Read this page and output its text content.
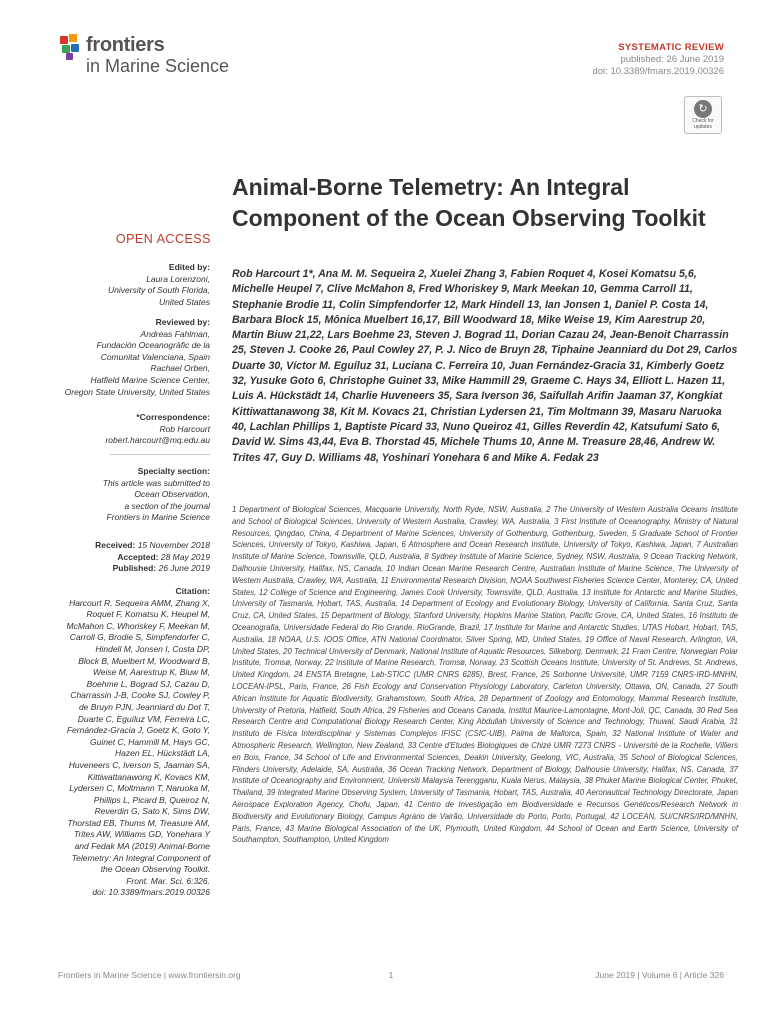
frontiers
in Marine Science
SYSTEMATIC REVIEW
published: 26 June 2019
doi: 10.3389/fmars.2019.00326
↻
Check for updates
Animal-Borne Telemetry: An Integral Component of the Ocean Observing Toolkit
OPEN ACCESS
Edited by:
Laura Lorenzoni,
University of South Florida,
United States
Reviewed by:
Andreas Fahlman,
Fundación Oceanogràfic de la
Comunitat Valenciana, Spain
Rachael Orben,
Hatfield Marine Science Center,
Oregon State University, United States
*Correspondence:
Rob Harcourt
robert.harcourt@mq.edu.au
Specialty section:
This article was submitted to
Ocean Observation,
a section of the journal
Frontiers in Marine Science
Received: 15 November 2018
Accepted: 28 May 2019
Published: 26 June 2019
Citation:
Harcourt R, Sequeira AMM, Zhang X,
Roquet F, Komatsu K, Heupel M,
McMahon C, Whoriskey F, Meekan M,
Carroll G, Brodie S, Simpfendorfer C,
Hindell M, Jonsen I, Costa DP,
Block B, Muelbert M, Woodward B,
Weise M, Aarestrup K, Biuw M,
Boehme L, Bograd SJ, Cazau D,
Charrassin J-B, Cooke SJ, Cowley P,
de Bruyn PJN, Jeanniard du Dot T,
Duarte C, Eguíluz VM, Ferreira LC,
Fernández-Gracia J, Goetz K, Goto Y,
Guinet C, Hammill M, Hays GC,
Hazen EL, Hückstädt LA,
Huveneers C, Iverson S, Jaaman SA,
Kittiwattanawong K, Kovacs KM,
Lydersen C, Moltmann T, Naruoka M,
Phillips L, Picard B, Queiroz N,
Reverdin G, Sato K, Sims DW,
Thorstad EB, Thums M, Treasure AM,
Trites AW, Williams GD, Yonehara Y
and Fedak MA (2019) Animal-Borne
Telemetry: An Integral Component of
the Ocean Observing Toolkit.
Front. Mar. Sci. 6:326.
doi: 10.3389/fmars.2019.00326
Rob Harcourt 1*, Ana M. M. Sequeira 2, Xuelei Zhang 3, Fabien Roquet 4, Kosei Komatsu 5,6, Michelle Heupel 7, Clive McMahon 8, Fred Whoriskey 9, Mark Meekan 10, Gemma Carroll 11, Stephanie Brodie 11, Colin Simpfendorfer 12, Mark Hindell 13, Ian Jonsen 1, Daniel P. Costa 14, Barbara Block 15, Mônica Muelbert 16,17, Bill Woodward 18, Mike Weise 19, Kim Aarestrup 20, Martin Biuw 21,22, Lars Boehme 23, Steven J. Bograd 11, Dorian Cazau 24, Jean-Benoit Charrassin 25, Steven J. Cooke 26, Paul Cowley 27, P. J. Nico de Bruyn 28, Tiphaine Jeanniard du Dot 29, Carlos Duarte 30, Víctor M. Eguíluz 31, Luciana C. Ferreira 10, Juan Fernández-Gracia 31, Kimberly Goetz 32, Yusuke Goto 6, Christophe Guinet 33, Mike Hammill 29, Graeme C. Hays 34, Elliott L. Hazen 11, Luis A. Hückstädt 14, Charlie Huveneers 35, Sara Iverson 36, Saifullah Arifin Jaaman 37, Kongkiat Kittiwattanawong 38, Kit M. Kovacs 21, Christian Lydersen 21, Tim Moltmann 39, Masaru Naruoka 40, Lachlan Phillips 1, Baptiste Picard 33, Nuno Queiroz 41, Gilles Reverdin 42, Katsufumi Sato 6, David W. Sims 43,44, Eva B. Thorstad 45, Michele Thums 10, Anne M. Treasure 28,46, Andrew W. Trites 47, Guy D. Williams 48, Yoshinari Yonehara 6 and Mike A. Fedak 23
1 Department of Biological Sciences, Macquarie University, North Ryde, NSW, Australia, 2 The University of Western Australia Oceans Institute and School of Biological Sciences, University of Western Australia, Crawley, WA, Australia, 3 First Institute of Oceanography, Ministry of Natural Resources, Qingdao, China, 4 Department of Marine Sciences, University of Gothenburg, Gothenburg, Sweden, 5 Graduate School of Frontier Sciences, University of Tokyo, Kashiwa, Japan, 6 Atmosphere and Ocean Research Institute, University of Tokyo, Kashiwa, Japan, 7 Australian Institute of Marine Science, Townsville, QLD, Australia, 8 Sydney Institute of Marine Science, Sydney, NSW, Australia, 9 Ocean Tracking Network, Dalhousie University, Halifax, NS, Canada, 10 Indian Ocean Marine Research Centre, Australian Institute of Marine Science, The University of Western Australia, Crawley, WA, Australia, 11 Environmental Research Division, NOAA Southwest Fisheries Science Center, Monterey, CA, United States, 12 College of Science and Engineering, James Cook University, Townsville, QLD, Australia, 13 Institute for Antarctic and Marine Studies, University of Tasmania, Hobart, TAS, Australia, 14 Department of Ecology and Evolutionary Biology, University of California, Santa Cruz, Santa Cruz, CA, United States, 15 Department of Biology, Stanford University, Hopkins Marine Station, Pacific Grove, CA, United States, 16 Instituto de Oceanografia, Universidade Federal do Rio Grande, RioGrande, Brazil, 17 Institute for Marine and Antarctic Studies, UTAS Hobart, Hobart, TAS, Australia, 18 NOAA, U.S. IOOS Office, ATN National Coordinator, Silver Spring, MD, United States, 19 Office of Naval Research, Arlington, VA, United States, 20 Technical University of Denmark, National Institute of Aquatic Resources, Silkeborg, Denmark, 21 Fram Centre, Norwegian Polar Institute, Tromsø, Norway, 22 Institute of Marine Research, Tromsø, Norway, 23 Scottish Oceans Institute, University of St. Andrews, St. Andrews, United Kingdom, 24 ENSTA Bretagne, Lab-STICC (UMR CNRS 6285), Brest, France, 25 Sorbonne Université, UMR 7159 CNRS-IRD-MNHN, LOCEAN-IPSL, Paris, France, 26 Fish Ecology and Conservation Physiology Laboratory, Carleton University, Ottawa, ON, Canada, 27 South African Institute for Aquatic Biodiversity, Grahamstown, South Africa, 28 Department of Zoology and Entomology, Mammal Research Institute, University of Pretoria, Hatfield, South Africa, 29 Fisheries and Oceans Canada, Institut Maurice-Lamontagne, Mont-Joli, QC, Canada, 30 Red Sea Research Centre and Computational Biology Research Center, King Abdullah University of Science and Technology, Thuwal, Saudi Arabia, 31 Instituto de Física Interdisciplinar y Sistemas Complejos IFISC (CSIC-UIB), Palma de Mallorca, Spain, 32 National Institute of Water and Atmospheric Research, Wellington, New Zealand, 33 Centre d'Etudes Biologiques de Chizé UMR 7273 CNRS - Université de la Rochelle, Villiers en Bois, France, 34 School of Life and Environmental Sciences, Deakin University, Geelong, VIC, Australia, 35 School of Biological Sciences, Flinders University, Adelaide, SA, Australia, 36 Ocean Tracking Network, Department of Biology, Dalhousie University, Halifax, NS, Canada, 37 Institute of Oceanography and Environment, Universiti Malaysia Terengganu, Kuala Nerus, Malaysia, 38 Phuket Marine Biological Center, Phuket, Thailand, 39 Integrated Marine Observing System, University of Tasmania, Hobart, TAS, Australia, 40 Aeronautical Technology Directorate, Japan Aerospace Exploration Agency, Chofu, Japan, 41 Centro de Investigação em Biodiversidade e Recursos Genéticos/Research Network in Biodiversity and Evolutionary Biology, Campus Agrário de Vairão, Universidade do Porto, Porto, Portugal, 42 LOCEAN, SU/CNRS/IRD/MNHN, Paris, France, 43 Marine Biological Association of the UK, Plymouth, United Kingdom, 44 School of Ocean and Earth Science, University of Southampton, Southampton, United Kingdom
Frontiers in Marine Science | www.frontiersin.org	1	June 2019 | Volume 6 | Article 326
